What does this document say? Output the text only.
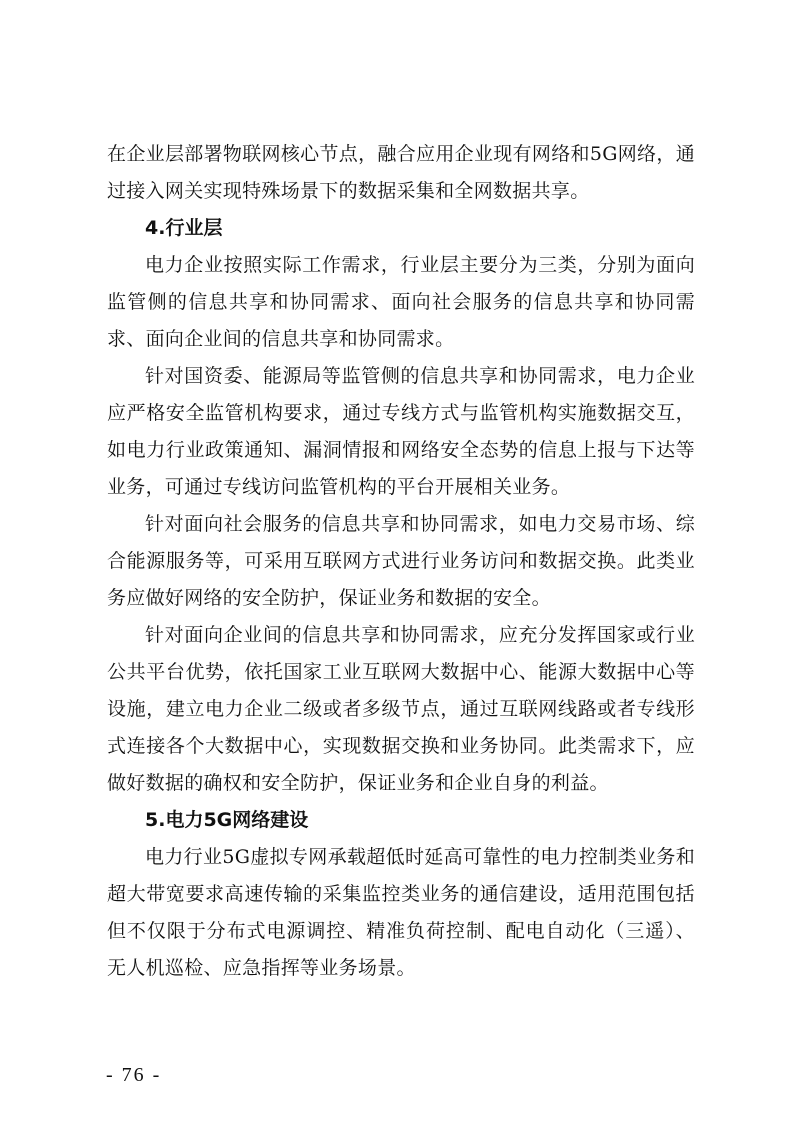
在企业层部署物联网核心节点，融合应用企业现有网络和5G网络，通过接入网关实现特殊场景下的数据采集和全网数据共享。

4.行业层

电力企业按照实际工作需求，行业层主要分为三类，分别为面向监管侧的信息共享和协同需求、面向社会服务的信息共享和协同需求、面向企业间的信息共享和协同需求。

针对国资委、能源局等监管侧的信息共享和协同需求，电力企业应严格安全监管机构要求，通过专线方式与监管机构实施数据交互，如电力行业政策通知、漏洞情报和网络安全态势的信息上报与下达等业务，可通过专线访问监管机构的平台开展相关业务。

针对面向社会服务的信息共享和协同需求，如电力交易市场、综合能源服务等，可采用互联网方式进行业务访问和数据交换。此类业务应做好网络的安全防护，保证业务和数据的安全。

针对面向企业间的信息共享和协同需求，应充分发挥国家或行业公共平台优势，依托国家工业互联网大数据中心、能源大数据中心等设施，建立电力企业二级或者多级节点，通过互联网线路或者专线形式连接各个大数据中心，实现数据交换和业务协同。此类需求下，应做好数据的确权和安全防护，保证业务和企业自身的利益。

5.电力5G网络建设

电力行业5G虚拟专网承载超低时延高可靠性的电力控制类业务和超大带宽要求高速传输的采集监控类业务的通信建设，适用范围包括但不仅限于分布式电源调控、精准负荷控制、配电自动化（三遥）、无人机巡检、应急指挥等业务场景。

- 76 -
